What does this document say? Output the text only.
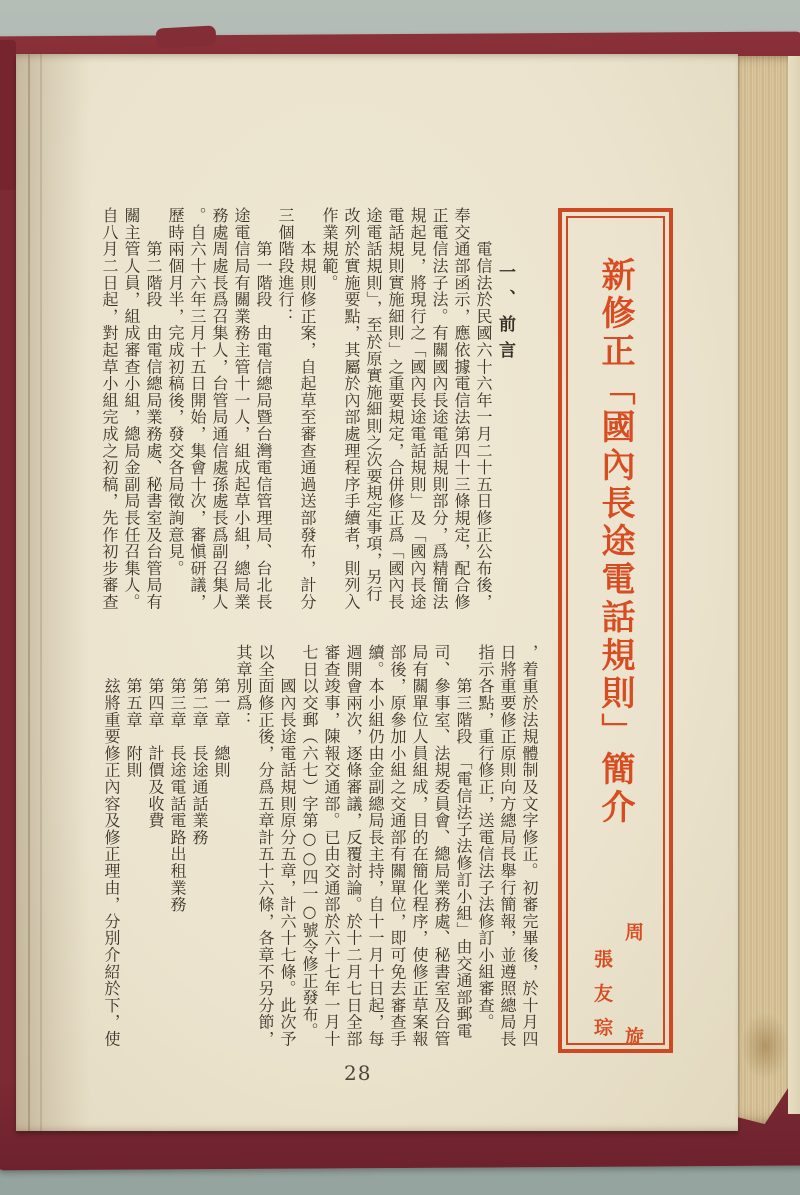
新修正「國內長途電話規則」簡介
周　旋
張友琮
一、前言
　　電信法於民國六十六年一月二十五日修正公布後，
奉交通部函示，應依據電信法第四十三條規定，配合修
正電信法子法。有關國內長途電話規則部分，爲精簡法
規起見，將現行之「國內長途電話規則」及「國內長途
電話規則實施細則」之重要規定，合併修正爲「國內長
途電話規則」，至於原實施細則之次要規定事項，另行
改列於實施要點，其屬於內部處理程序手續者，則列入
作業規範。
　　本規則修正案，自起草至審查通過送部發布，計分
三個階段進行：
　　第一階段　由電信總局暨台灣電信管理局、台北長
途電信局有關業務主管十一人，組成起草小組，總局業
務處周處長爲召集人，台管局通信處孫處長爲副召集人
。自六十六年三月十五日開始，集會十次，審愼研議，
歷時兩個月半，完成初稿後，發交各局徵詢意見。
　　第二階段　由電信總局業務處、秘書室及台管局有
關主管人員，組成審查小組，總局金副局長任召集人。
自八月二日起，對起草小組完成之初稿，先作初步審查
，着重於法規體制及文字修正。初審完畢後，於十月四
日將重要修正原則向方總局長舉行簡報，並遵照總局長
指示各點，重行修正，送電信法子法修訂小組審查。
　　第三階段　「電信法子法修訂小組」由交通部郵電
司、參事室、法規委員會、總局業務處、秘書室及台管
局有關單位人員組成，目的在簡化程序，使修正草案報
部後，原參加小組之交通部有關單位，即可免去審查手
續。本小組仍由金副總局長主持，自十一月十日起，每
週開會兩次，逐條審議，反覆討論。於十二月七日全部
審查竣事，陳報交通部。已由交通部於六十七年一月十
七日以交郵（六七）字第○○四一○號令修正發布。
　　國內長途電話規則原分五章，計六十七條。此次予
以全面修正後，分爲五章計五十六條，各章不另分節，
其章別爲：
　　第一章　總則
　　第二章　長途通話業務
　　第三章　長途電話電路出租業務
　　第四章　計價及收費
　　第五章　附則
　　玆將重要修正內容及修正理由，分別介紹於下，使
28
